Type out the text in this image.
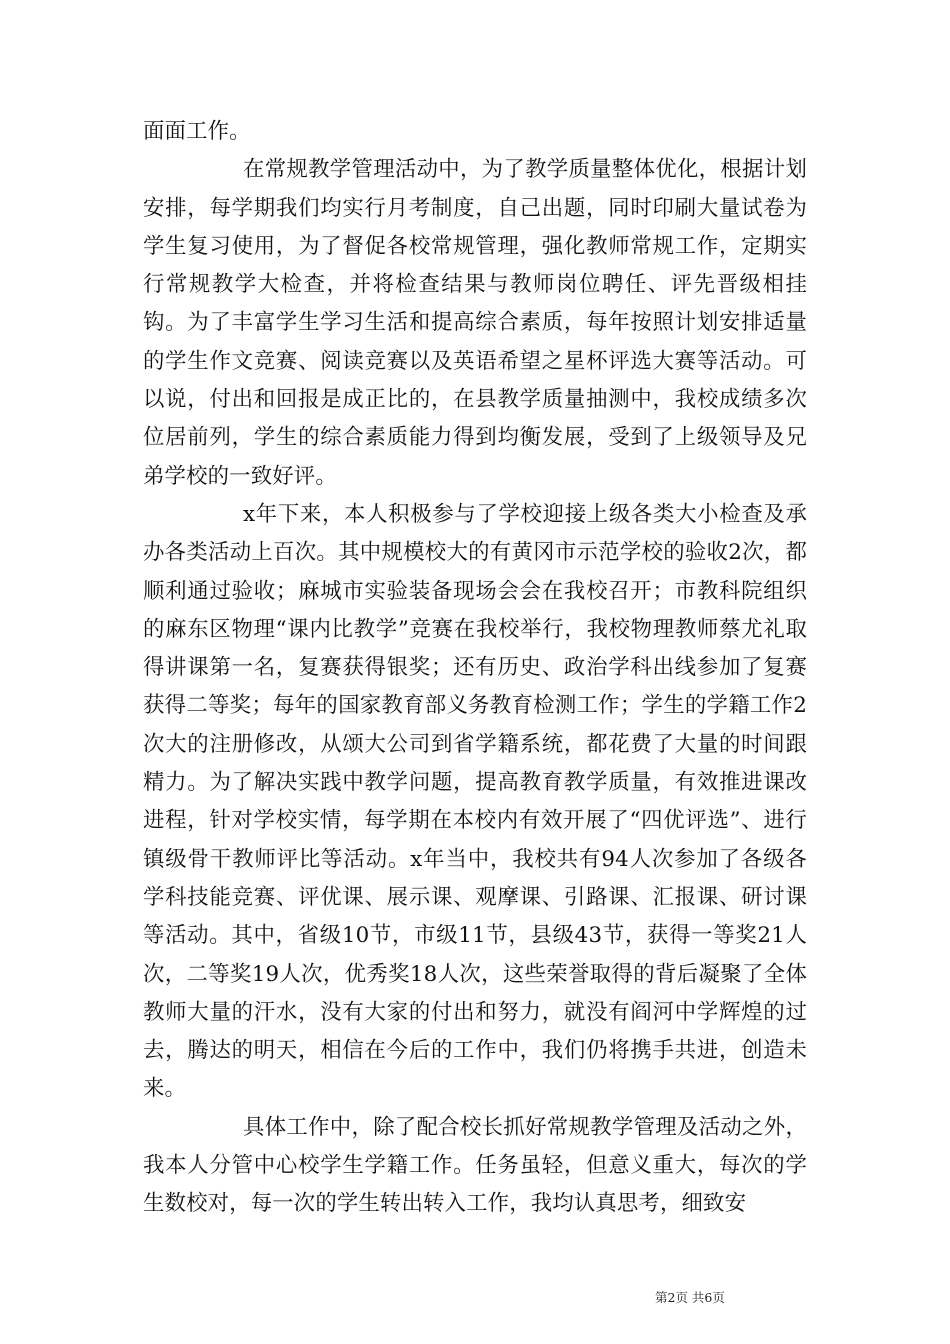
面面工作。

在常规教学管理活动中，为了教学质量整体优化，根据计划安排，每学期我们均实行月考制度，自己出题，同时印刷大量试卷为学生复习使用，为了督促各校常规管理，强化教师常规工作，定期实行常规教学大检查，并将检查结果与教师岗位聘任、评先晋级相挂钩。为了丰富学生学习生活和提高综合素质，每年按照计划安排适量的学生作文竞赛、阅读竞赛以及英语希望之星杯评选大赛等活动。可以说，付出和回报是成正比的，在县教学质量抽测中，我校成绩多次位居前列，学生的综合素质能力得到均衡发展，受到了上级领导及兄弟学校的一致好评。

x年下来，本人积极参与了学校迎接上级各类大小检查及承办各类活动上百次。其中规模校大的有黄冈市示范学校的验收2次，都顺利通过验收；麻城市实验装备现场会会在我校召开；市教科院组织的麻东区物理“课内比教学”竞赛在我校举行，我校物理教师蔡尤礼取得讲课第一名，复赛获得银奖；还有历史、政治学科出线参加了复赛获得二等奖；每年的国家教育部义务教育检测工作；学生的学籍工作2次大的注册修改，从颂大公司到省学籍系统，都花费了大量的时间跟精力。为了解决实践中教学问题，提高教育教学质量，有效推进课改进程，针对学校实情，每学期在本校内有效开展了“四优评选”、进行镇级骨干教师评比等活动。x年当中，我校共有94人次参加了各级各学科技能竞赛、评优课、展示课、观摩课、引路课、汇报课、研讨课等活动。其中，省级10节，市级11节，县级43节，获得一等奖21人次，二等奖19人次，优秀奖18人次，这些荣誉取得的背后凝聚了全体教师大量的汗水，没有大家的付出和努力，就没有阎河中学辉煌的过去，腾达的明天，相信在今后的工作中，我们仍将携手共进，创造未来。

具体工作中，除了配合校长抓好常规教学管理及活动之外，我本人分管中心校学生学籍工作。任务虽轻，但意义重大，每次的学生数校对，每一次的学生转出转入工作，我均认真思考，细致安

第2页 共6页
